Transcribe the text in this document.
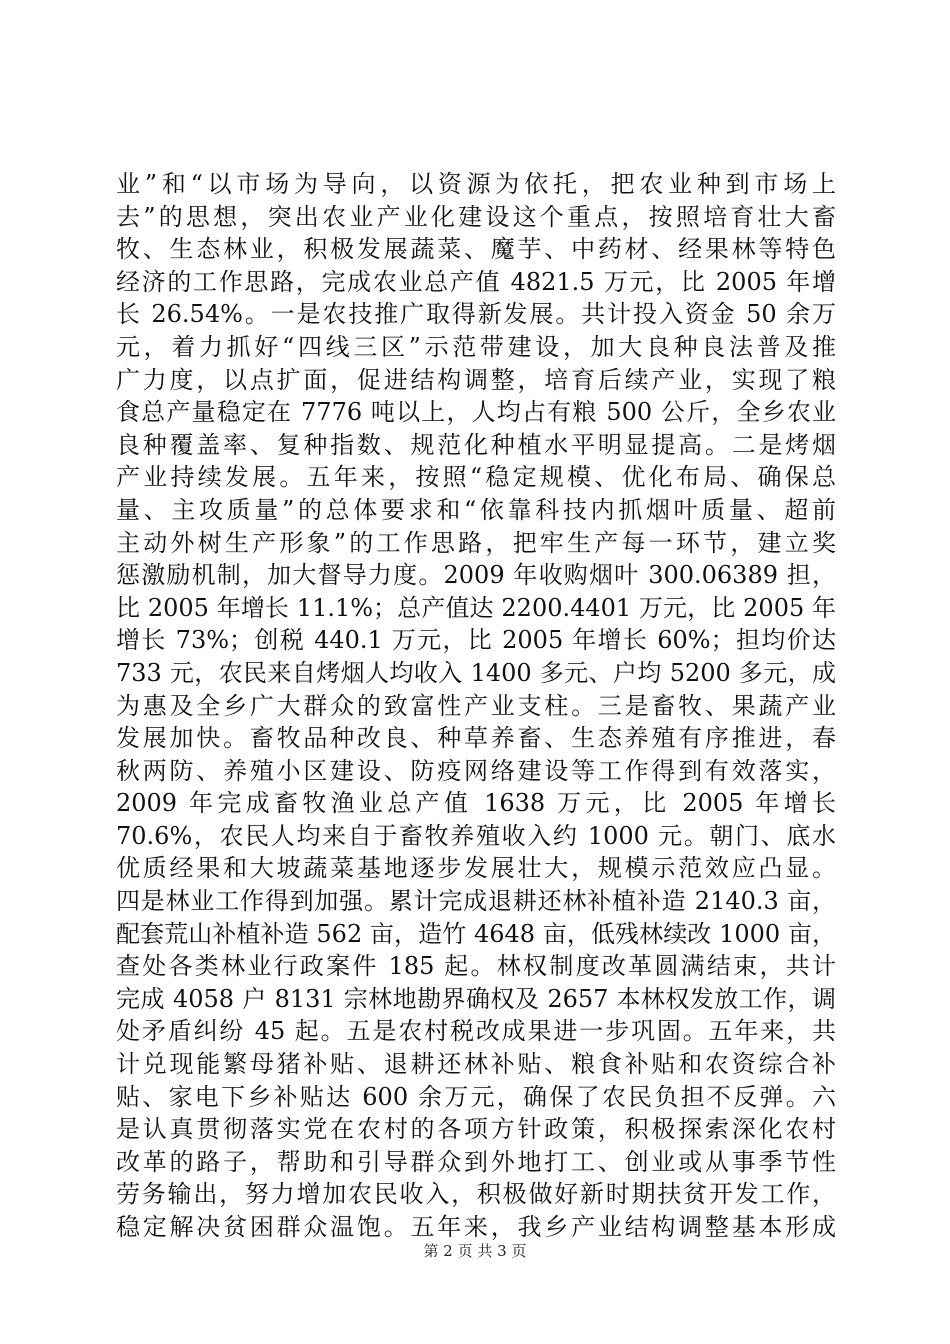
业”和“以市场为导向，以资源为依托，把农业种到市场上
去”的思想，突出农业产业化建设这个重点，按照培育壮大畜
牧、生态林业，积极发展蔬菜、魔芋、中药材、经果林等特色
经济的工作思路，完成农业总产值 4821.5 万元，比 2005 年增
长 26.54%。一是农技推广取得新发展。共计投入资金 50 余万
元，着力抓好“四线三区”示范带建设，加大良种良法普及推
广力度，以点扩面，促进结构调整，培育后续产业，实现了粮
食总产量稳定在 7776 吨以上，人均占有粮 500 公斤，全乡农业
良种覆盖率、复种指数、规范化种植水平明显提高。二是烤烟
产业持续发展。五年来，按照“稳定规模、优化布局、确保总
量、主攻质量”的总体要求和“依靠科技内抓烟叶质量、超前
主动外树生产形象”的工作思路，把牢生产每一环节，建立奖
惩激励机制，加大督导力度。2009 年收购烟叶 300.06389 担，
比 2005 年增长 11.1%；总产值达 2200.4401 万元，比 2005 年
增长 73%；创税 440.1 万元，比 2005 年增长 60%；担均价达
733 元，农民来自烤烟人均收入 1400 多元、户均 5200 多元，成
为惠及全乡广大群众的致富性产业支柱。三是畜牧、果蔬产业
发展加快。畜牧品种改良、种草养畜、生态养殖有序推进，春
秋两防、养殖小区建设、防疫网络建设等工作得到有效落实，
2009 年完成畜牧渔业总产值 1638 万元，比 2005 年增长
70.6%，农民人均来自于畜牧养殖收入约 1000 元。朝门、底水
优质经果和大坡蔬菜基地逐步发展壮大，规模示范效应凸显。
四是林业工作得到加强。累计完成退耕还林补植补造 2140.3 亩，
配套荒山补植补造 562 亩，造竹 4648 亩，低残林续改 1000 亩，
查处各类林业行政案件 185 起。林权制度改革圆满结束，共计
完成 4058 户 8131 宗林地勘界确权及 2657 本林权发放工作，调
处矛盾纠纷 45 起。五是农村税改成果进一步巩固。五年来，共
计兑现能繁母猪补贴、退耕还林补贴、粮食补贴和农资综合补
贴、家电下乡补贴达 600 余万元，确保了农民负担不反弹。六
是认真贯彻落实党在农村的各项方针政策，积极探索深化农村
改革的路子，帮助和引导群众到外地打工、创业或从事季节性
劳务输出，努力增加农民收入，积极做好新时期扶贫开发工作，
稳定解决贫困群众温饱。五年来，我乡产业结构调整基本形成
第 2 页 共 3 页
